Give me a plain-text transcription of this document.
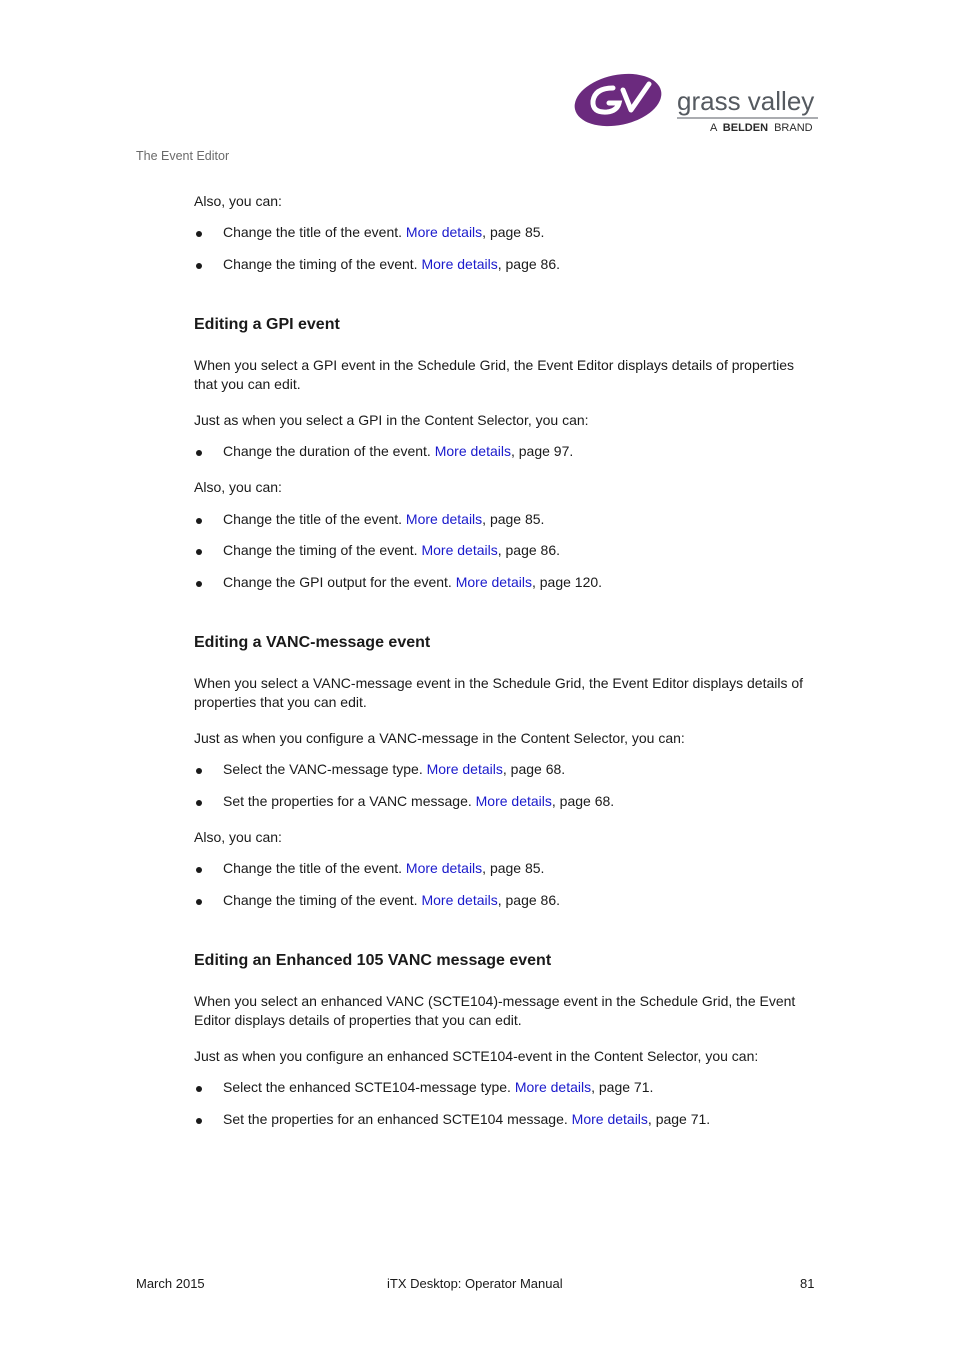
grass valley
A BELDEN BRAND
The Event Editor

Also, you can:

Change the title of the event. More details, page 85.
Change the timing of the event. More details, page 86.
Editing a GPI event

When you select a GPI event in the Schedule Grid, the Event Editor displays details of properties that you can edit.

Just as when you select a GPI in the Content Selector, you can:

Change the duration of the event. More details, page 97.

Also, you can:

Change the title of the event. More details, page 85.
Change the timing of the event. More details, page 86.
Change the GPI output for the event. More details, page 120.
Editing a VANC-message event

When you select a VANC-message event in the Schedule Grid, the Event Editor displays details of properties that you can edit.

Just as when you configure a VANC-message in the Content Selector, you can:

Select the VANC-message type. More details, page 68.
Set the properties for a VANC message. More details, page 68.

Also, you can:

Change the title of the event. More details, page 85.
Change the timing of the event. More details, page 86.
Editing an Enhanced 105 VANC message event

When you select an enhanced VANC (SCTE104)-message event in the Schedule Grid, the Event Editor displays details of properties that you can edit.

Just as when you configure an enhanced SCTE104-event in the Content Selector, you can:

Select the enhanced SCTE104-message type. More details, page 71.
Set the properties for an enhanced SCTE104 message. More details, page 71.
March 2015	iTX Desktop: Operator Manual	81
